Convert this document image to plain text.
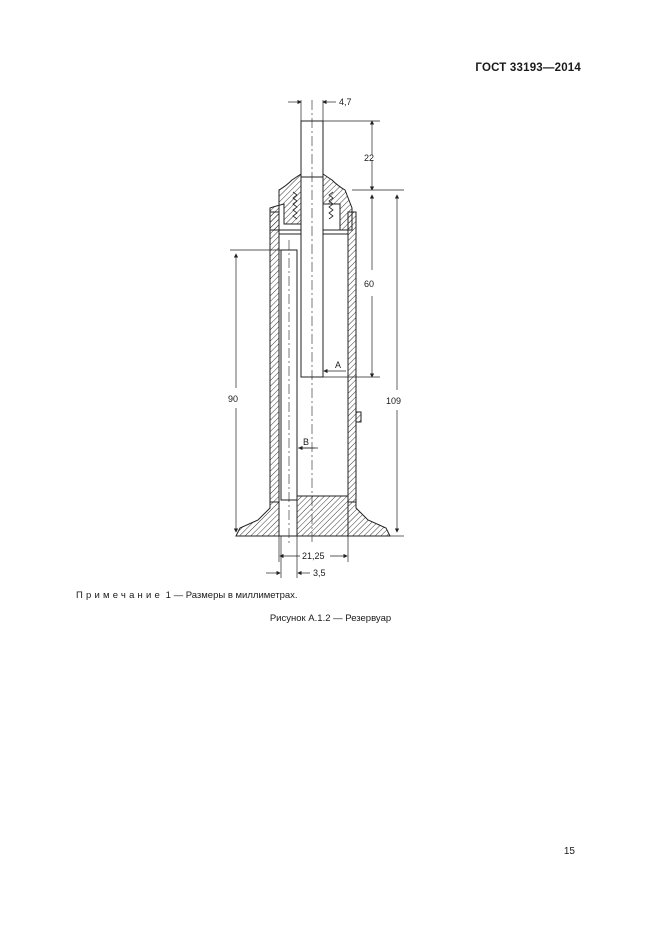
ГОСТ 33193—2014
4,7
22
60
109
90
21,25
3,5
A
B
Примечание 1 — Размеры в миллиметрах.
Рисунок А.1.2 — Резервуар
15
